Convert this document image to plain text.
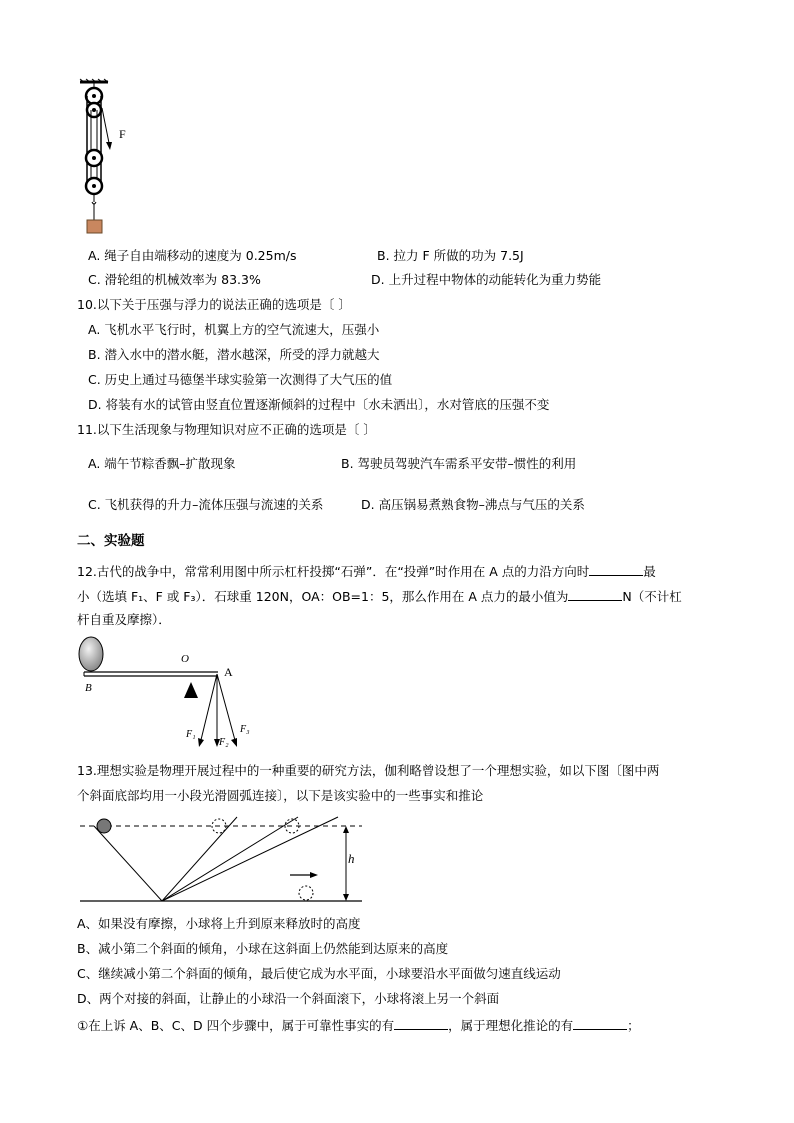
F
A. 绳子自由端移动的速度为 0.25m/s	B. 拉力 F 所做的功为 7.5J
C. 滑轮组的机械效率为 83.3%	D. 上升过程中物体的动能转化为重力势能
10.以下关于压强与浮力的说法正确的选项是〔 〕
A. 飞机水平飞行时，机翼上方的空气流速大，压强小
B. 潜入水中的潜水艇，潜水越深，所受的浮力就越大
C. 历史上通过马德堡半球实验第一次测得了大气压的值
D. 将装有水的试管由竖直位置逐渐倾斜的过程中〔水未洒出〕，水对管底的压强不变
11.以下生活现象与物理知识对应不正确的选项是〔 〕
A. 端午节粽香飘–扩散现象	B. 驾驶员驾驶汽车需系平安带–惯性的利用
C. 飞机获得的升力–流体压强与流速的关系	D. 高压锅易煮熟食物–沸点与气压的关系
二、实验题
12.古代的战争中，常常利用图中所示杠杆投掷“石弹”．在“投弹”时作用在 A 点的力沿方向时	最
小（选填 F₁、F 或 F₃）．石球重 120N，OA：OB=1：5，那么作用在 A 点力的最小值为	N（不计杠
杆自重及摩擦）．
B
O
A
F₁
F₂
F₃
13.理想实验是物理开展过程中的一种重要的研究方法，伽利略曾设想了一个理想实验，如以下图〔图中两
个斜面底部均用一小段光滑圆弧连接〕，以下是该实验中的一些事实和推论
h
A、如果没有摩擦，小球将上升到原来释放时的高度
B、减小第二个斜面的倾角，小球在这斜面上仍然能到达原来的高度
C、继续减小第二个斜面的倾角，最后使它成为水平面，小球要沿水平面做匀速直线运动
D、两个对接的斜面，让静止的小球沿一个斜面滚下，小球将滚上另一个斜面
①在上诉 A、B、C、D 四个步骤中，属于可靠性事实的有	，属于理想化推论的有	；
